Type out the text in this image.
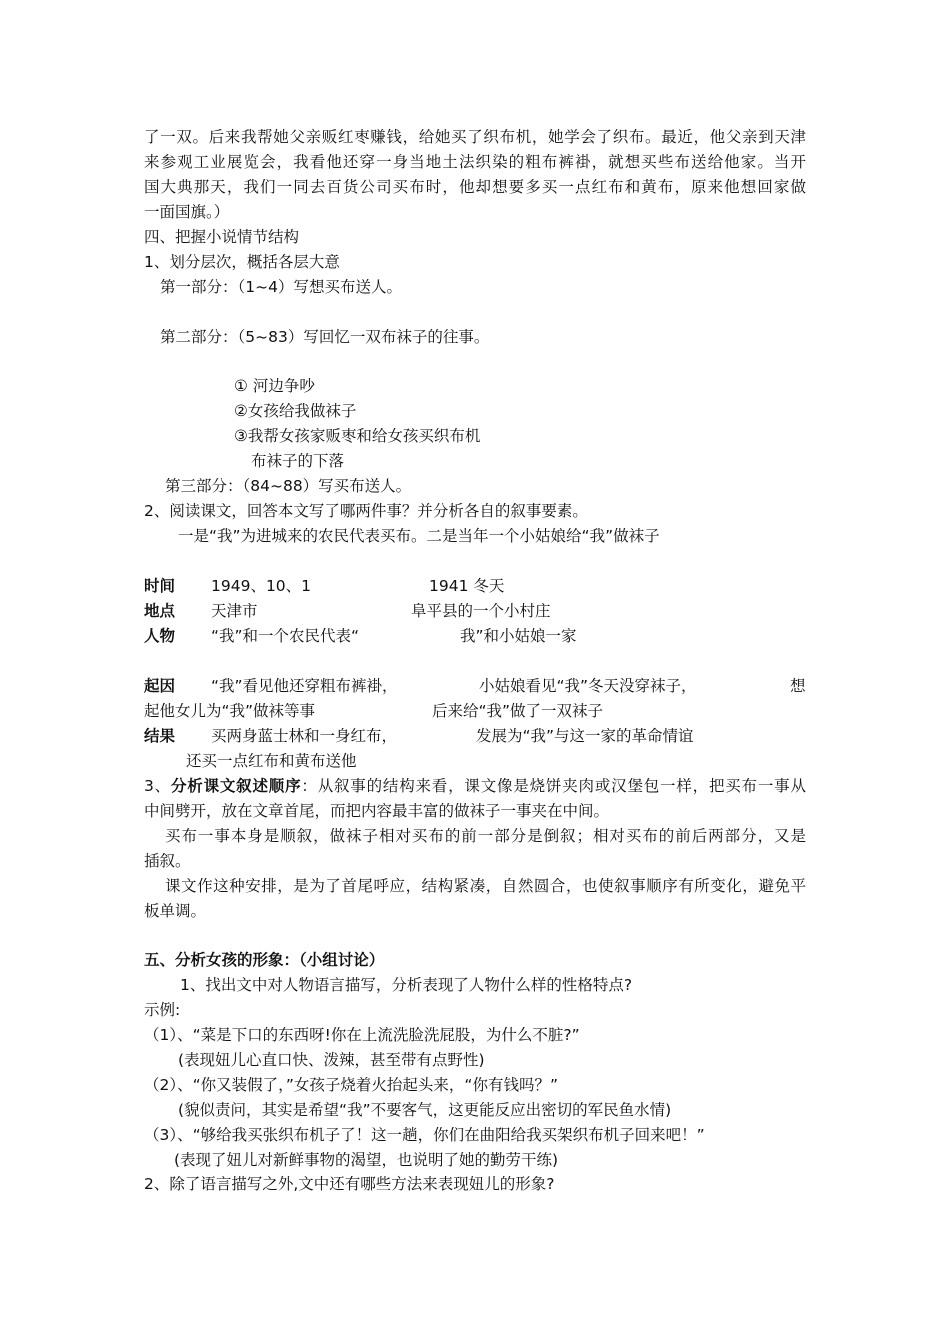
了一双。后来我帮她父亲贩红枣赚钱，给她买了织布机，她学会了织布。最近，他父亲到天津
来参观工业展览会，我看他还穿一身当地土法织染的粗布裤褂，就想买些布送给他家。当开
国大典那天，我们一同去百货公司买布时，他却想要多买一点红布和黄布，原来他想回家做
一面国旗。）
四、把握小说情节结构
1、划分层次，概括各层大意
第一部分：（1~4）写想买布送人。
第二部分：（5~83）写回忆一双布袜子的往事。
① 河边争吵
②女孩给我做袜子
③我帮女孩家贩枣和给女孩买织布机
布袜子的下落
第三部分：（84~88）写买布送人。
2、阅读课文，回答本文写了哪两件事？并分析各自的叙事要素。
一是“我”为进城来的农民代表买布。二是当年一个小姑娘给“我”做袜子
时间 1949、10、1	1941 冬天
地点 天津市	阜平县的一个小村庄
人物 “我”和一个农民代表“	我”和小姑娘一家
起因 “我”看见他还穿粗布裤褂，	小姑娘看见“我”冬天没穿袜子，	想
起他女儿为“我”做袜等事	后来给“我”做了一双袜子
结果 买两身蓝士林和一身红布，	发展为“我”与这一家的革命情谊
还买一点红布和黄布送他
3、分析课文叙述顺序：从叙事的结构来看，课文像是烧饼夹肉或汉堡包一样，把买布一事从
中间劈开，放在文章首尾，而把内容最丰富的做袜子一事夹在中间。
买布一事本身是顺叙，做袜子相对买布的前一部分是倒叙；相对买布的前后两部分，又是
插叙。
课文作这种安排，是为了首尾呼应，结构紧凑，自然圆合，也使叙事顺序有所变化，避免平
板单调。
五、分析女孩的形象：（小组讨论）
1、找出文中对人物语言描写，分析表现了人物什么样的性格特点?
示例:
（1）、“菜是下口的东西呀!你在上流洗脸洗屁股，为什么不脏?”
(表现妞儿心直口快、泼辣，甚至带有点野性)
（2）、“你又装假了，”女孩子烧着火抬起头来，“你有钱吗？”
(貌似责问，其实是希望“我”不要客气，这更能反应出密切的军民鱼水情)
（3）、“够给我买张织布机子了！这一趟，你们在曲阳给我买架织布机子回来吧！”
(表现了妞儿对新鲜事物的渴望，也说明了她的勤劳干练)
2、除了语言描写之外,文中还有哪些方法来表现妞儿的形象?
